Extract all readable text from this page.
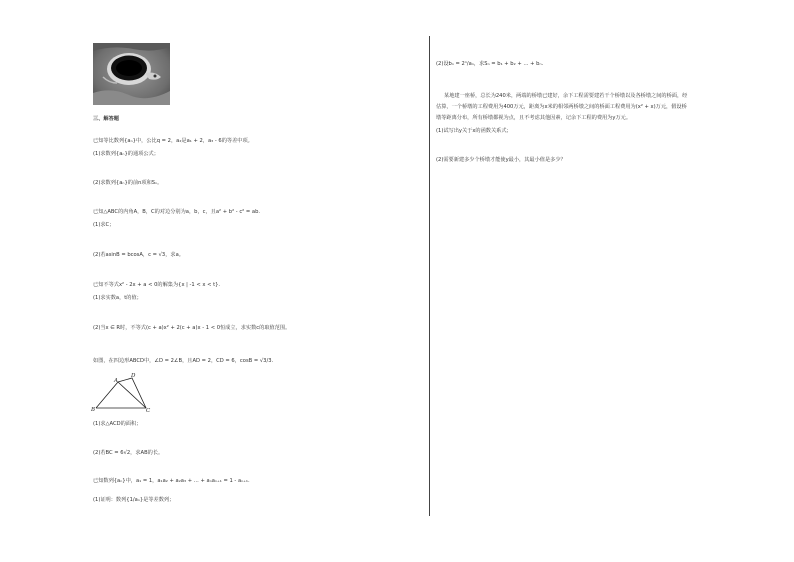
三、解答题
已知等比数列{aₙ}中，公比q = 2，a₂是a₁ + 2，a₃ - 6的等差中项。
(1)求数列{aₙ}的通项公式；
(2)求数列{aₙ}的前n项和Sₙ。
已知△ABC的内角A，B，C的对边分别为a，b，c，且a² + b² - c² = ab.
(1)求C；
(2)若asinB = bcosA，c = √3，求a。
已知不等式x² - 2x + a < 0的解集为{x | -1 < x < t}.
(1)求实数a，t的值；
(2)当x ∈ R时，不等式(c + a)x² + 2(c + a)x - 1 < 0恒成立，求实数c的取值范围。
如图，在四边形ABCD中，∠D = 2∠B，且AD = 2，CD = 6，cosB = √3/3.
A
D
B	C
(1)求△ACD的面积；
(2)若BC = 6√2，求AB的长。
已知数列{aₙ}中，a₁ = 1，a₁a₂ + a₂a₃ + … + aₙaₙ₊₁ = 1 - aₙ₊₁.
(1)证明：数列{1/aₙ}是等差数列；
(2)设bₙ = 2ⁿ/aₙ，求Sₙ = b₁ + b₂ + … + bₙ.
某地建一座桥，总长为240米，两端的桥墩已建好，余下工程需要建若干个桥墩以及各桥墩之间的桥面，经
估算，一个桥墩的工程费用为400万元，距离为x米的相邻两桥墩之间的桥面工程费用为(x² + x)万元，假设桥
墩等距离分布，所有桥墩都视为点，且不考虑其他因素，记余下工程的费用为y万元。
(1)试写出y关于x的函数关系式；
(2)需要新建多少个桥墩才能使y最小，其最小值是多少？
